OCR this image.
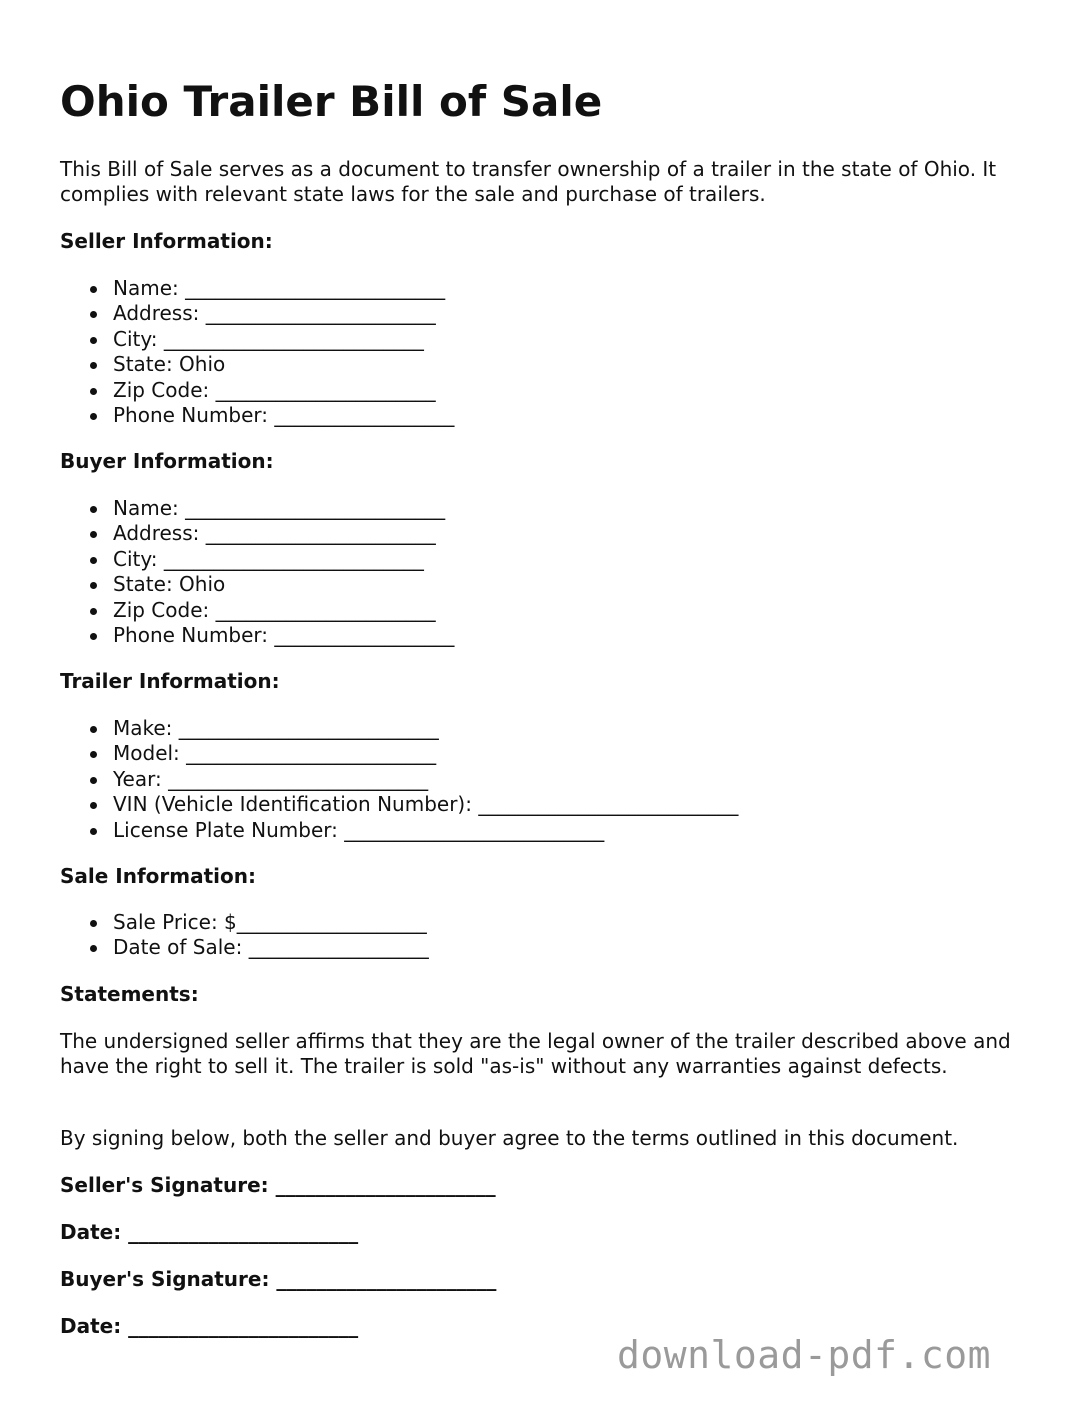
Ohio Trailer Bill of Sale

This Bill of Sale serves as a document to transfer ownership of a trailer in the state of Ohio. It complies with relevant state laws for the sale and purchase of trailers.

Seller Information:
Name: __________________________
Address: _______________________
City: __________________________
State: Ohio
Zip Code: ______________________
Phone Number: __________________
Buyer Information:
Name: __________________________
Address: _______________________
City: __________________________
State: Ohio
Zip Code: ______________________
Phone Number: __________________
Trailer Information:
Make: __________________________
Model: _________________________
Year: __________________________
VIN (Vehicle Identification Number): __________________________
License Plate Number: __________________________
Sale Information:
Sale Price: $___________________
Date of Sale: __________________
Statements:

The undersigned seller affirms that they are the legal owner of the trailer described above and have the right to sell it. The trailer is sold "as-is" without any warranties against defects.

By signing below, both the seller and buyer agree to the terms outlined in this document.

Seller's Signature: ______________________

Date: _______________________

Buyer's Signature: ______________________

Date: _______________________

download-pdf.com
